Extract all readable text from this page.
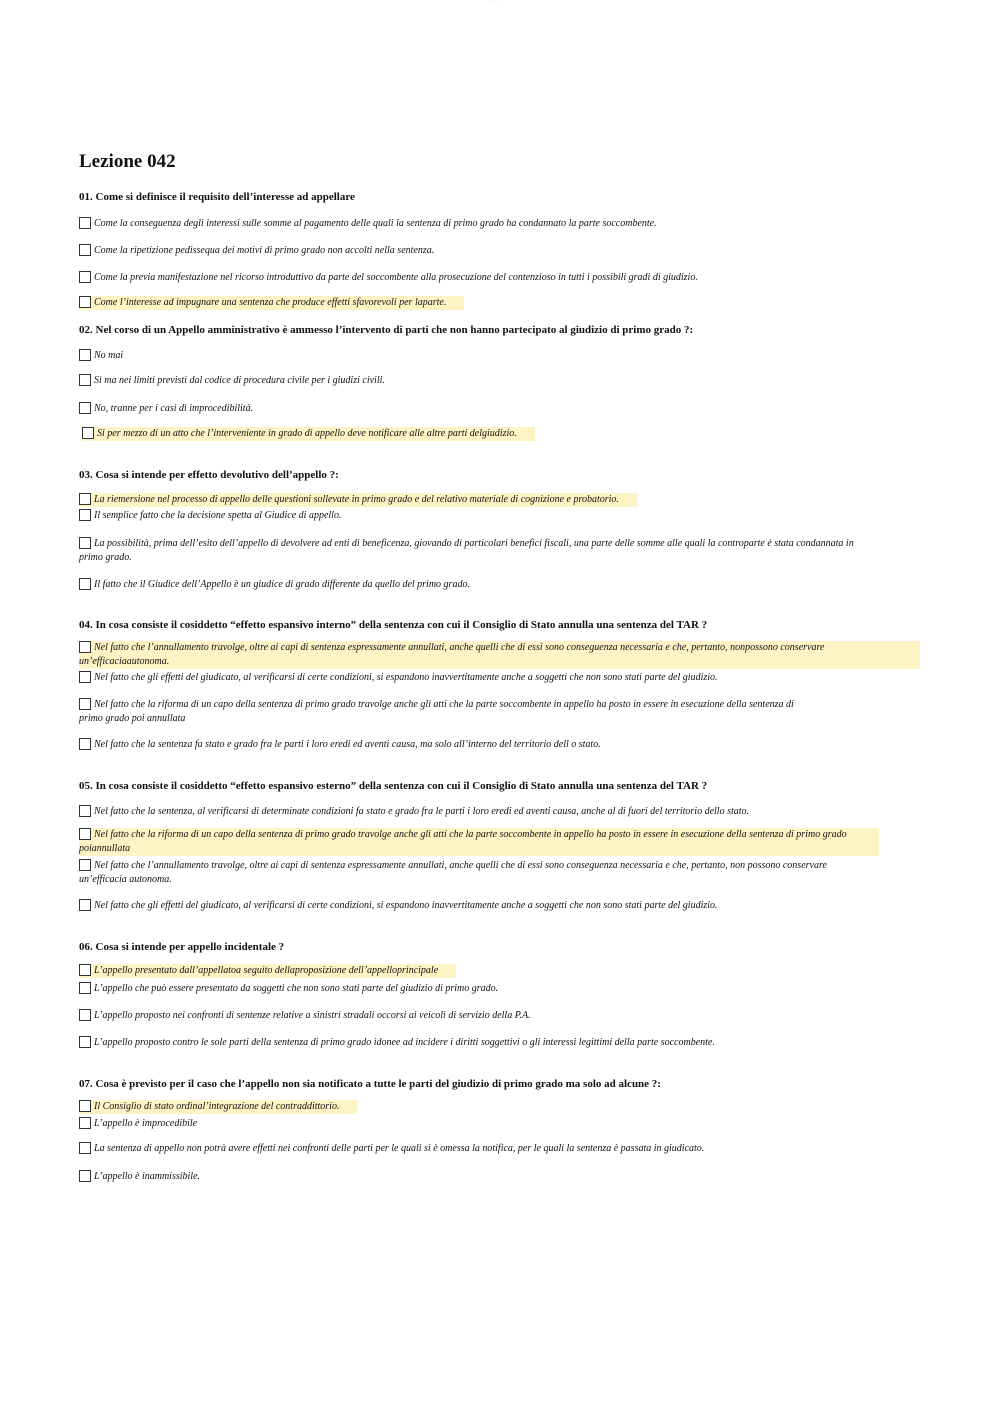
- - - - -
Lezione 042

01. Come si definisce il requisito dell’interesse ad appellare

Come la conseguenza degli interessi sulle somme al pagamento delle quali la sentenza di primo grado ha condannato la parte soccombente.
Come la ripetizione pedissequa dei motivi di primo grado non accolti nella sentenza.
Come la previa manifestazione nel ricorso introduttivo da parte del soccombente alla prosecuzione del contenzioso in tutti i possibili gradi di giudizio.
Come l’interesse ad impugnare una sentenza che produce effetti sfavorevoli per laparte.

02. Nel corso di un Appello amministrativo è ammesso l’intervento di parti che non hanno partecipato al giudizio di primo grado ?:

No mai
Si ma nei limiti previsti dal codice di procedura civile per i giudizi civili.
No, tranne per i casi di improcedibilità.
Si per mezzo di un atto che l’interveniente in grado di appello deve notificare alle altre parti delgiudizio.

03. Cosa si intende per effetto devolutivo dell’appello ?:

La riemersione nel processo di appello delle questioni sollevate in primo grado e del relativo materiale di cognizione e probatorio.
Il semplice fatto che la decisione spetta al Giudice di appello.
La possibilità, prima dell’esito dell’appello di devolvere ad enti di beneficenza, giovando di particolari benefici fiscali, una parte delle somme alle quali la controparte è stata condannata in primo grado.
Il fatto che il Giudice dell’Appello è un giudice di grado differente da quello del primo grado.

04. In cosa consiste il cosiddetto “effetto espansivo interno” della sentenza con cui il Consiglio di Stato annulla una sentenza del TAR ?

Nel fatto che l’annullamento travolge, oltre ai capi di sentenza espressamente annullati, anche quelli che di essi sono conseguenza necessaria e che, pertanto, nonpossono conservare un’efficaciaautonoma.
Nel fatto che gli effetti del giudicato, al verificarsi di certe condizioni, si espandono inavvertitamente anche a soggetti che non sono stati parte del giudizio.
Nel fatto che la riforma di un capo della sentenza di primo grado travolge anche gli atti che la parte soccombente in appello ha posto in essere in esecuzione della sentenza di primo grado poi annullata
Nel fatto che la sentenza fa stato e grado fra le parti i loro eredi ed aventi causa, ma solo all’interno del territorio dell o stato.

05. In cosa consiste il cosiddetto “effetto espansivo esterno” della sentenza con cui il Consiglio di Stato annulla una sentenza del TAR ?

Nel fatto che la sentenza, al verificarsi di determinate condizioni fa stato e grado fra le parti i loro eredi ed aventi causa, anche al di fuori del territorio dello stato.
Nel fatto che la riforma di un capo della sentenza di primo grado travolge anche gli atti che la parte soccombente in appello ha posto in essere in esecuzione della sentenza di primo grado poiannullata
Nel fatto che l’annullamento travolge, oltre ai capi di sentenza espressamente annullati, anche quelli che di essi sono conseguenza necessaria e che, pertanto, non possono conservare un’efficacia autonoma.
Nel fatto che gli effetti del giudicato, al verificarsi di certe condizioni, si espandono inavvertitamente anche a soggetti che non sono stati parte del giudizio.

06. Cosa si intende per appello incidentale ?

L’appello presentato dall’appellatoa seguito dellaproposizione dell’appelloprincipale
L’appello che può essere presentato da soggetti che non sono stati parte del giudizio di primo grado.
L’appello proposto nei confronti di sentenze relative a sinistri stradali occorsi ai veicoli di servizio della P.A.
L’appello proposto contro le sole parti della sentenza di primo grado idonee ad incidere i diritti soggettivi o gli interessi legittimi della parte soccombente.

07. Cosa è previsto per il caso che l’appello non sia notificato a tutte le parti del giudizio di primo grado ma solo ad alcune ?:

Il Consiglio di stato ordinal’integrazione del contraddittorio.
L’appello è improcedibile
La sentenza di appello non potrà avere effetti nei confronti delle parti per le quali si è omessa la notifica, per le quali la sentenza è passata in giudicato.
L’appello è inammissibile.
